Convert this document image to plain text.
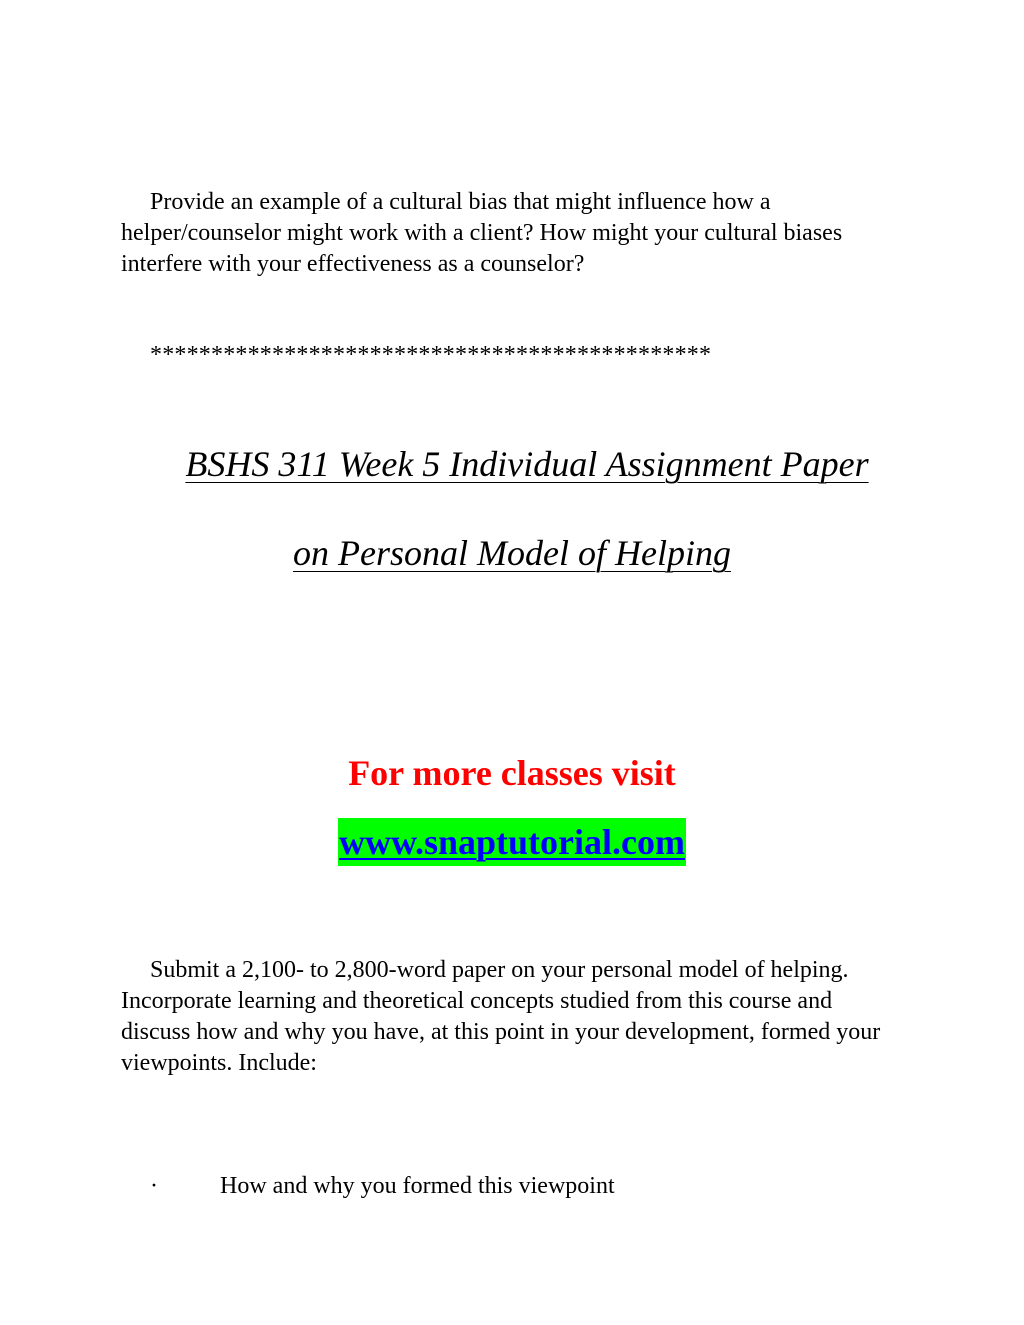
Provide an example of a cultural bias that might influence how a helper/counselor might work with a client? How might your cultural biases interfere with your effectiveness as a counselor?

**********************************************

BSHS 311 Week 5 Individual Assignment Paper

on Personal Model of Helping

For more classes visit

www.snaptutorial.com

Submit a 2,100- to 2,800-word paper on your personal model of helping. Incorporate learning and theoretical concepts studied from this course and discuss how and why you have, at this point in your development, formed your viewpoints. Include:

·	How and why you formed this viewpoint
